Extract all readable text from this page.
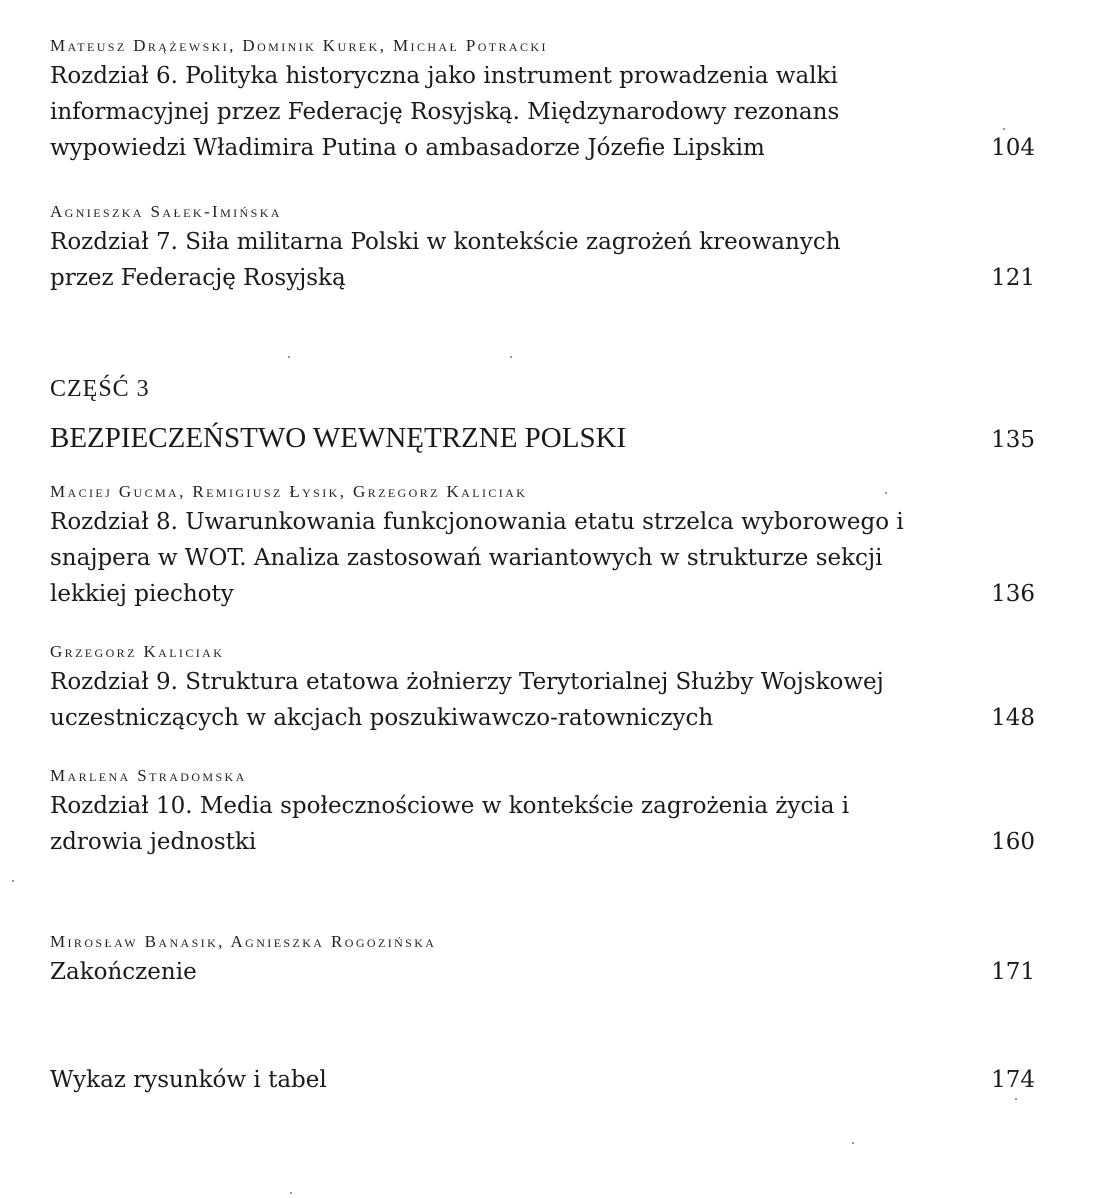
Mateusz Drążewski, Dominik Kurek, Michał Potracki
Rozdział 6. Polityka historyczna jako instrument prowadzenia walki informacyjnej przez Federację Rosyjską. Międzynarodowy rezonans wypowiedzi Władimira Putina o ambasadorze Józefie Lipskim	104
Agnieszka Sałek-Imińska
Rozdział 7. Siła militarna Polski w kontekście zagrożeń kreowanych przez Federację Rosyjską	121
CZĘŚĆ 3
BEZPIECZEŃSTWO WEWNĘTRZNE POLSKI	135
Maciej Gucma, Remigiusz Łysik, Grzegorz Kaliciak
Rozdział 8. Uwarunkowania funkcjonowania etatu strzelca wyborowego i snajpera w WOT. Analiza zastosowań wariantowych w strukturze sekcji lekkiej piechoty	136
Grzegorz Kaliciak
Rozdział 9. Struktura etatowa żołnierzy Terytorialnej Służby Wojskowej uczestniczących w akcjach poszukiwawczo-ratowniczych	148
Marlena Stradomska
Rozdział 10. Media społecznościowe w kontekście zagrożenia życia i zdrowia jednostki	160
Mirosław Banasik, Agnieszka Rogozińska
Zakończenie	171
Wykaz rysunków i tabel	174
